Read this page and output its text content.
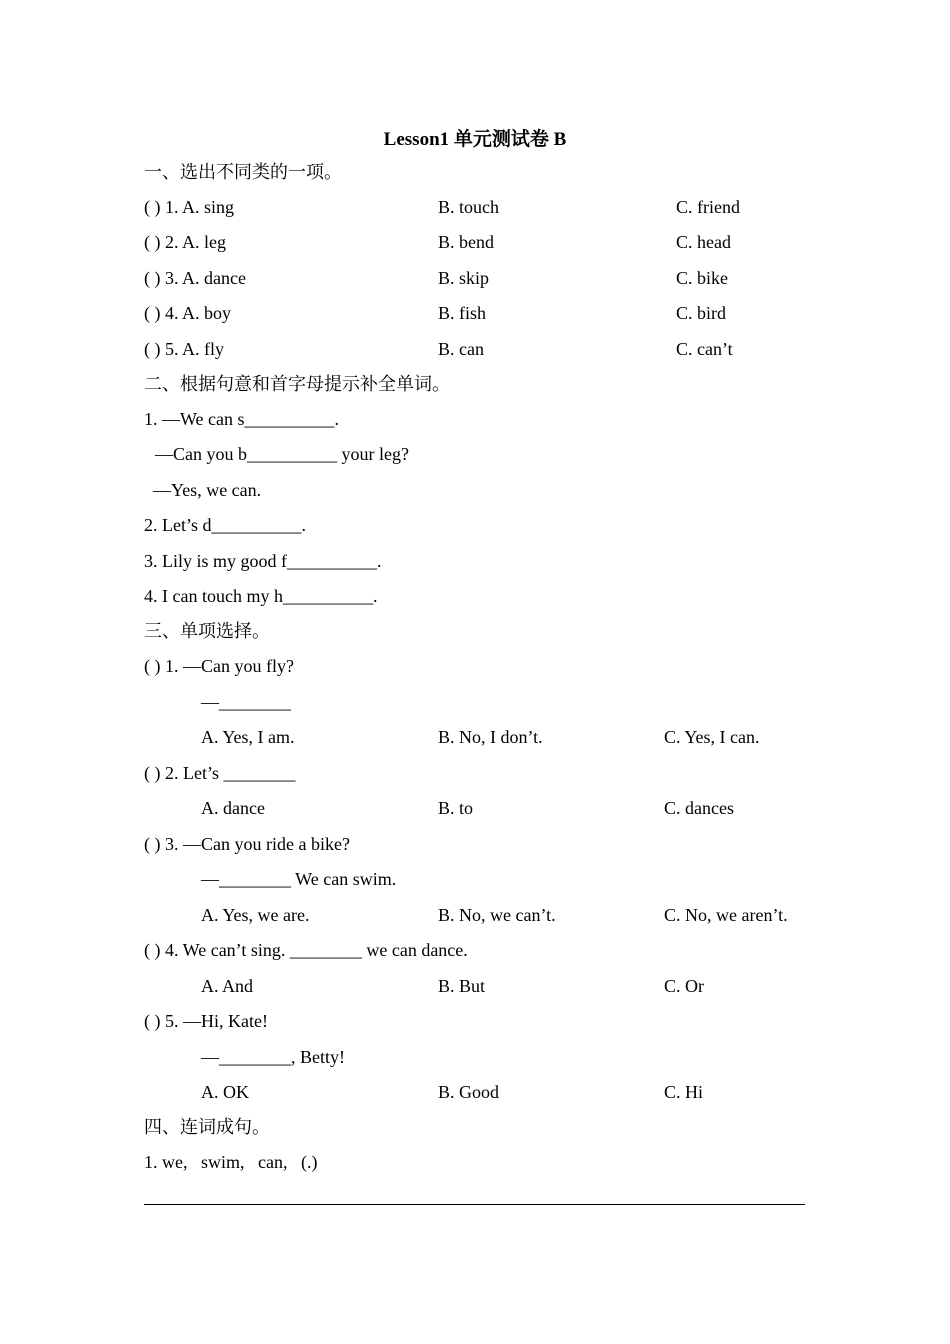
Lesson1 单元测试卷 B
一、选出不同类的一项。
( ) 1. A. sing	B. touch	C. friend
( ) 2. A. leg	B. bend	C. head
( ) 3. A. dance	B. skip	C. bike
( ) 4. A. boy	B. fish	C. bird
( ) 5. A. fly	B. can	C. can’t
二、根据句意和首字母提示补全单词。
1. —We can s__________.
—Can you b__________ your leg?
—Yes, we can.
2. Let’s d__________.
3. Lily is my good f__________.
4. I can touch my h__________.
三、单项选择。
( ) 1. —Can you fly?
—________
A. Yes, I am.	B. No, I don’t.	C. Yes, I can.
( ) 2. Let’s ________
A. dance	B. to	C. dances
( ) 3. —Can you ride a bike?
—________ We can swim.
A. Yes, we are.	B. No, we can’t.	C. No, we aren’t.
( ) 4. We can’t sing. ________ we can dance.
A. And	B. But	C. Or
( ) 5. —Hi, Kate!
—________, Betty!
A. OK	B. Good	C. Hi
四、连词成句。
1. we,   swim,   can,   (.)
